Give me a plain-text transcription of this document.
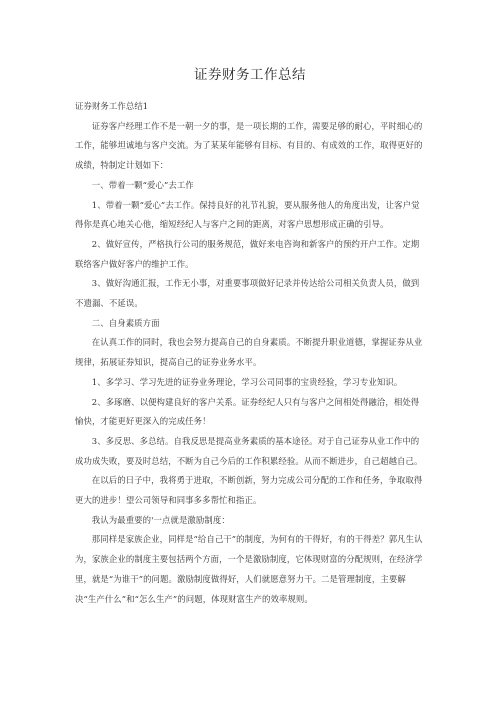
证券财务工作总结

证券财务工作总结1

证券客户经理工作不是一朝一夕的事，是一项长期的工作，需要足够的耐心，平时细心的工作，能够坦诚地与客户交流。为了某某年能够有目标、有目的、有成效的工作，取得更好的成绩，特制定计划如下：

一、带着一颗“爱心”去工作

1、带着一颗“爱心”去工作。保持良好的礼节礼貌，要从服务他人的角度出发，让客户觉得你是真心地关心他，缩短经纪人与客户之间的距离，对客户思想形成正确的引导。

2、做好宣传，严格执行公司的服务规范，做好来电咨询和新客户的预约开户工作。定期联络客户做好客户的维护工作。

3、做好沟通汇报，工作无小事，对重要事项做好记录并传达给公司相关负责人员，做到不遗漏、不延误。

二、自身素质方面

在认真工作的同时，我也会努力提高自己的自身素质。不断提升职业道德，掌握证券从业规律，拓展证券知识，提高自己的证券业务水平。

1、多学习、学习先进的证券业务理论，学习公司同事的宝贵经验，学习专业知识。

2、多琢磨、以便构建良好的客户关系。证券经纪人只有与客户之间相处得融洽，相处得愉快，才能更好更深入的完成任务！

3、多反思、多总结。自我反思是提高业务素质的基本途径。对于自己证券从业工作中的成功成失败，要及时总结，不断为自己今后的工作积累经验。从而不断进步，自己超越自己。

在以后的日子中，我将勇于进取，不断创新，努力完成公司分配的工作和任务，争取取得更大的进步！望公司领导和同事多多帮忙和指正。

我认为最重要的'一点就是激励制度：

那同样是家族企业，同样是“给自己干”的制度，为何有的干得好，有的干得差？郭凡生认为，家族企业的制度主要包括两个方面，一个是激励制度，它体现财富的分配规则，在经济学里，就是“为谁干”的问题。激励制度做得好，人们就愿意努力干。二是管理制度，主要解决“生产什么”和“怎么生产”的问题，体现财富生产的效率规则。
